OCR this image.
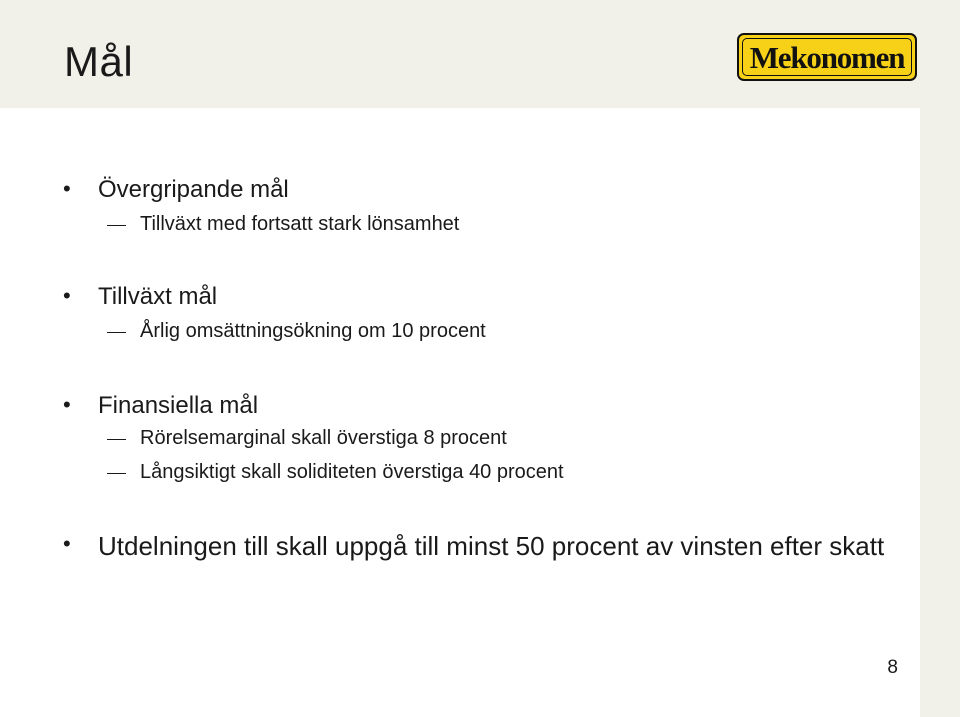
Mål	Mekonomen
• Övergripande mål
Tillväxt med fortsatt stark lönsamhet
• Tillväxt mål
Årlig omsättningsökning om 10 procent
• Finansiella mål
Rörelsemarginal skall överstiga 8 procent
Långsiktigt skall soliditeten överstiga 40 procent
• Utdelningen till skall uppgå till minst 50 procent av vinsten efter skatt
8
